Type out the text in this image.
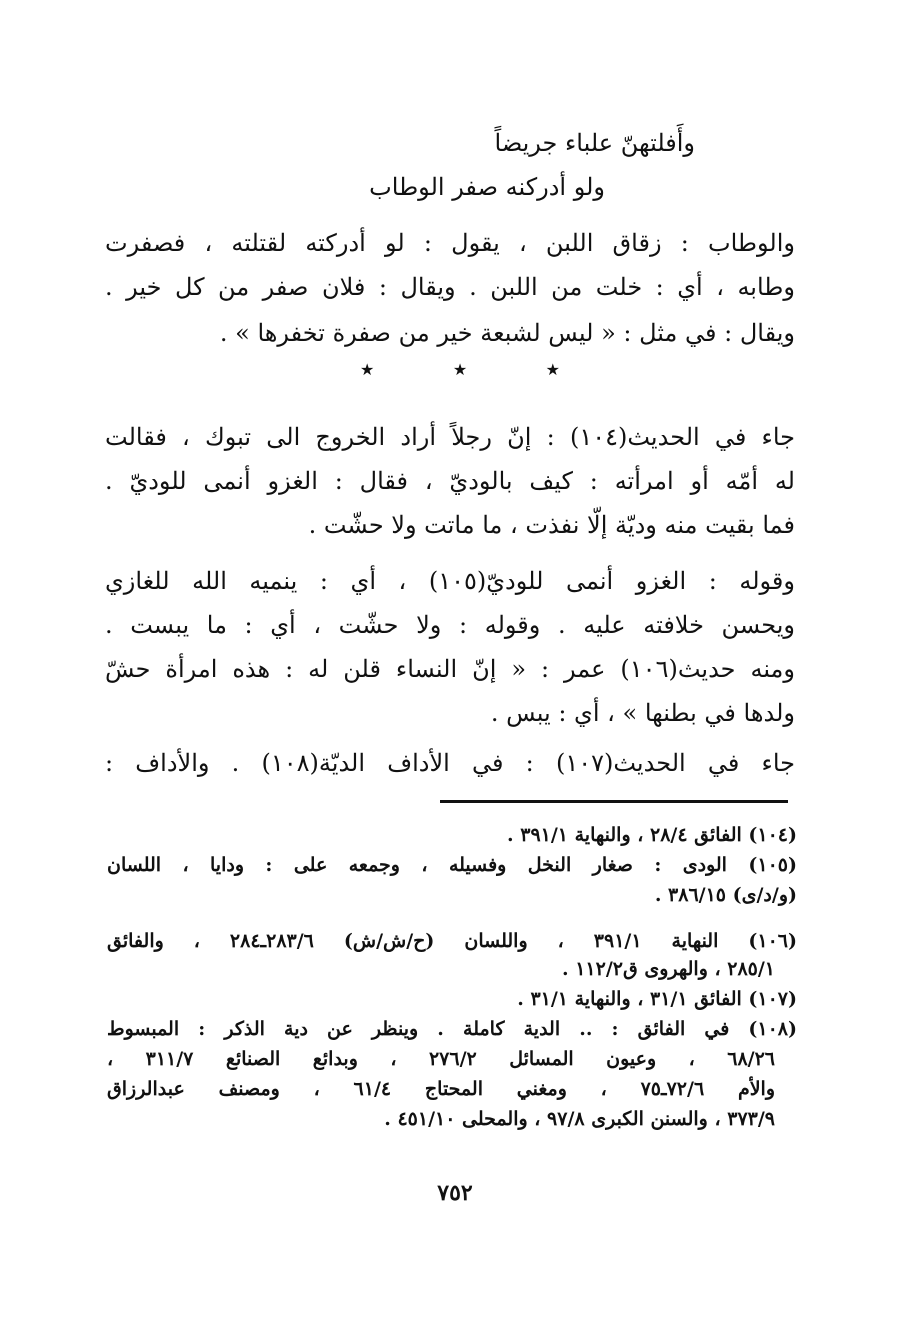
وأَفلتهنّ علباء جريضاً
ولو أدركنه صفر الوطاب
والوطاب : زقاق اللبن ، يقول : لو أدركته لقتلته ، فصفرت
وطابه ، أي : خلت من اللبن . ويقال : فلان صفر من كل خير .
ويقال : في مثل : « ليس لشبعة خير من صفرة تخفرها » .
★	★	★
جاء في الحديث(١٠٤) : إنّ رجلاً أراد الخروج الى تبوك ، فقالت
له أمّه أو امرأته : كيف بالوديّ ، فقال : الغزو أنمى للوديّ .
فما بقيت منه وديّة إلّا نفذت ، ما ماتت ولا حشّت .
وقوله : الغزو أنمى للوديّ(١٠٥) ، أي : ينميه الله للغازي
ويحسن خلافته عليه . وقوله : ولا حشّت ، أي : ما يبست .
ومنه حديث(١٠٦) عمر : « إنّ النساء قلن له : هذه امرأة حشّ
ولدها في بطنها » ، أي : يبس .
جاء في الحديث(١٠٧) : في الأداف الديّة(١٠٨) . والأداف :
(١٠٤) الفائق ٢٨/٤ ، والنهاية ٣٩١/١ .
(١٠٥) الودى : صغار النخل وفسيله ، وجمعه على : ودايا ، اللسان
(و/د/ى) ٣٨٦/١٥ .
(١٠٦) النهاية ٣٩١/١ ، واللسان (ح/ش/ش) ٢٨٣/٦ـ٢٨٤ ، والفائق
٢٨٥/١ ، والهروى ق١١٢/٢ .
(١٠٧) الفائق ٣١/١ ، والنهاية ٣١/١ .
(١٠٨) في الفائق : .. الدية كاملة . وينظر عن دية الذكر : المبسوط
٦٨/٢٦ ، وعيون المسائل ٢٧٦/٢ ، وبدائع الصنائع ٣١١/٧ ،
والأم ٧٢/٦ـ٧٥ ، ومغني المحتاج ٦١/٤ ، ومصنف عبدالرزاق
٣٧٣/٩ ، والسنن الكبرى ٩٧/٨ ، والمحلى ٤٥١/١٠ .
٧٥٢
